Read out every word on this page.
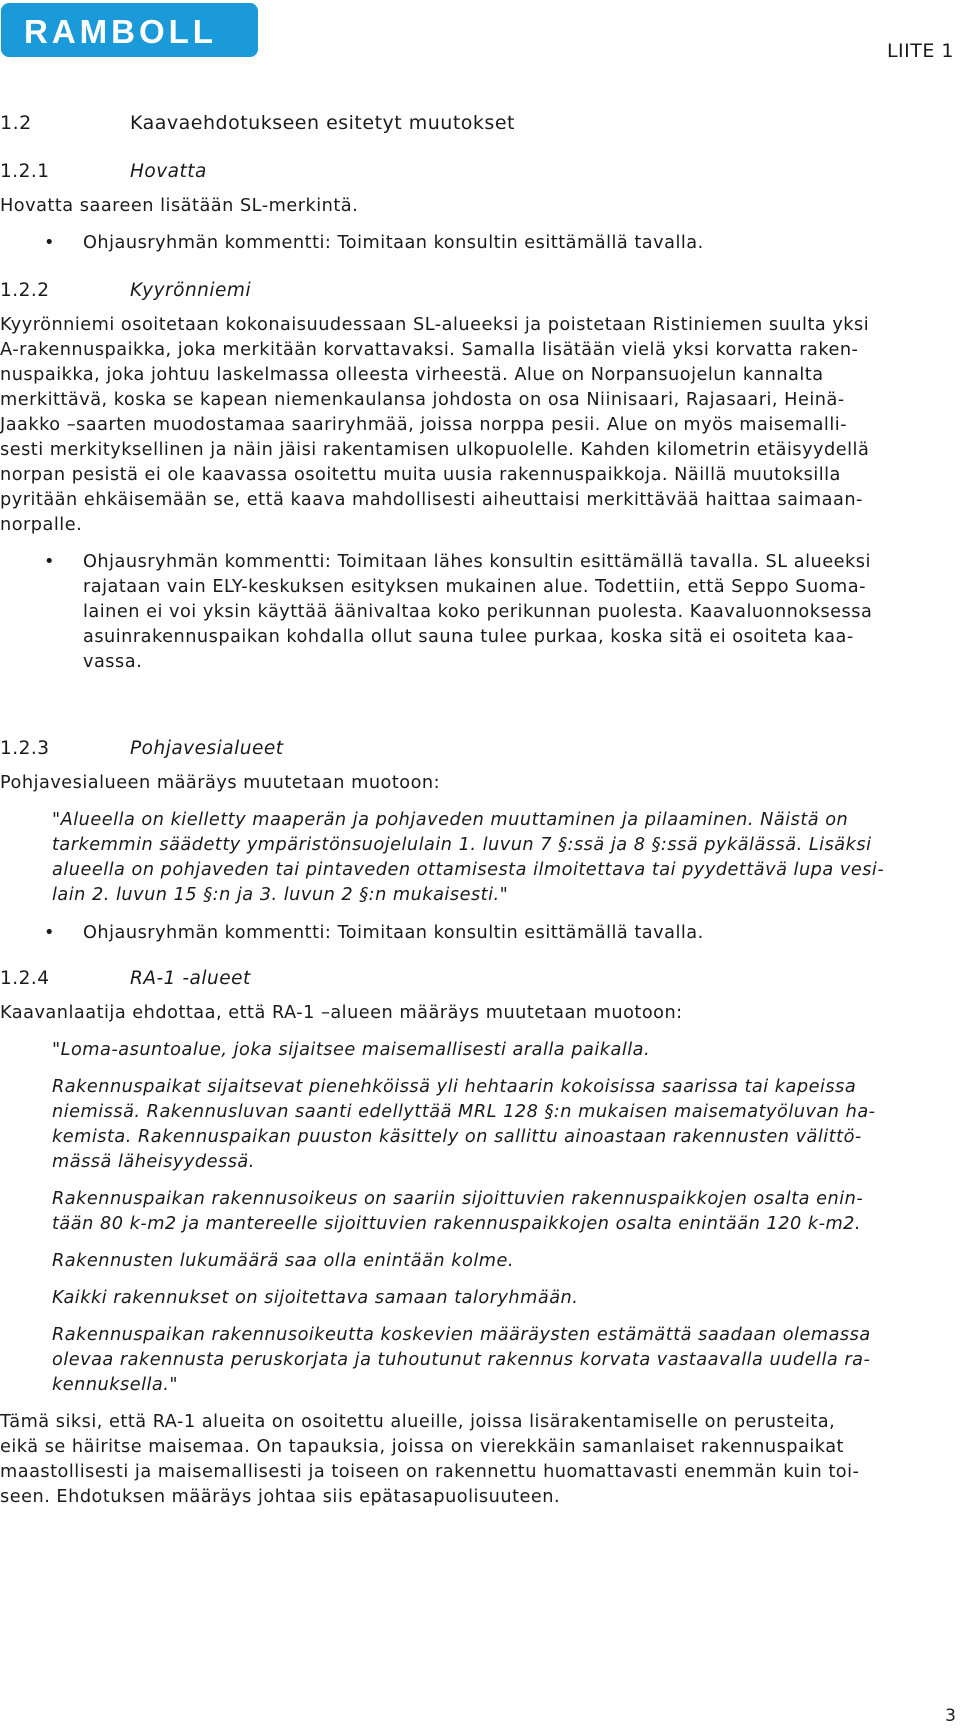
RAMBOLL
LIITE 1
1.2	Kaavaehdotukseen esitetyt muutokset
1.2.1	Hovatta

Hovatta saareen lisätään SL-merkintä.

•	Ohjausryhmän kommentti: Toimitaan konsultin esittämällä tavalla.
1.2.2	Kyyrönniemi

Kyyrönniemi osoitetaan kokonaisuudessaan SL-alueeksi ja poistetaan Ristiniemen suulta yksi

A-rakennuspaikka, joka merkitään korvattavaksi. Samalla lisätään vielä yksi korvatta raken-

nuspaikka, joka johtuu laskelmassa olleesta virheestä. Alue on Norpansuojelun kannalta

merkittävä, koska se kapean niemenkaulansa johdosta on osa Niinisaari, Rajasaari, Heinä-

Jaakko –saarten muodostamaa saariryhmää, joissa norppa pesii. Alue on myös maisemalli-

sesti merkityksellinen ja näin jäisi rakentamisen ulkopuolelle. Kahden kilometrin etäisyydellä

norpan pesistä ei ole kaavassa osoitettu muita uusia rakennuspaikkoja. Näillä muutoksilla

pyritään ehkäisemään se, että kaava mahdollisesti aiheuttaisi merkittävää haittaa saimaan-

norpalle.

•	Ohjausryhmän kommentti: Toimitaan lähes konsultin esittämällä tavalla. SL alueeksi

rajataan vain ELY-keskuksen esityksen mukainen alue. Todettiin, että Seppo Suoma-

lainen ei voi yksin käyttää äänivaltaa koko perikunnan puolesta. Kaavaluonnoksessa

asuinrakennuspaikan kohdalla ollut sauna tulee purkaa, koska sitä ei osoiteta kaa-

vassa.

1.2.3	Pohjavesialueet

Pohjavesialueen määräys muutetaan muotoon:

"Alueella on kielletty maaperän ja pohjaveden muuttaminen ja pilaaminen. Näistä on

tarkemmin säädetty ympäristönsuojelulain 1. luvun 7 §:ssä ja 8 §:ssä pykälässä. Lisäksi

alueella on pohjaveden tai pintaveden ottamisesta ilmoitettava tai pyydettävä lupa vesi-

lain 2. luvun 15 §:n ja 3. luvun 2 §:n mukaisesti."

•	Ohjausryhmän kommentti: Toimitaan konsultin esittämällä tavalla.
1.2.4	RA-1 -alueet

Kaavanlaatija ehdottaa, että RA-1 –alueen määräys muutetaan muotoon:

"Loma-asuntoalue, joka sijaitsee maisemallisesti aralla paikalla.

Rakennuspaikat sijaitsevat pienehköissä yli hehtaarin kokoisissa saarissa tai kapeissa

niemissä. Rakennusluvan saanti edellyttää MRL 128 §:n mukaisen maisematyöluvan ha-

kemista. Rakennuspaikan puuston käsittely on sallittu ainoastaan rakennusten välittö-

mässä läheisyydessä.

Rakennuspaikan rakennusoikeus on saariin sijoittuvien rakennuspaikkojen osalta enin-

tään 80 k-m2 ja mantereelle sijoittuvien rakennuspaikkojen osalta enintään 120 k-m2.

Rakennusten lukumäärä saa olla enintään kolme.

Kaikki rakennukset on sijoitettava samaan taloryhmään.

Rakennuspaikan rakennusoikeutta koskevien määräysten estämättä saadaan olemassa

olevaa rakennusta peruskorjata ja tuhoutunut rakennus korvata vastaavalla uudella ra-

kennuksella."

Tämä siksi, että RA-1 alueita on osoitettu alueille, joissa lisärakentamiselle on perusteita,

eikä se häiritse maisemaa. On tapauksia, joissa on vierekkäin samanlaiset rakennuspaikat

maastollisesti ja maisemallisesti ja toiseen on rakennettu huomattavasti enemmän kuin toi-

seen. Ehdotuksen määräys johtaa siis epätasapuolisuuteen.

3
